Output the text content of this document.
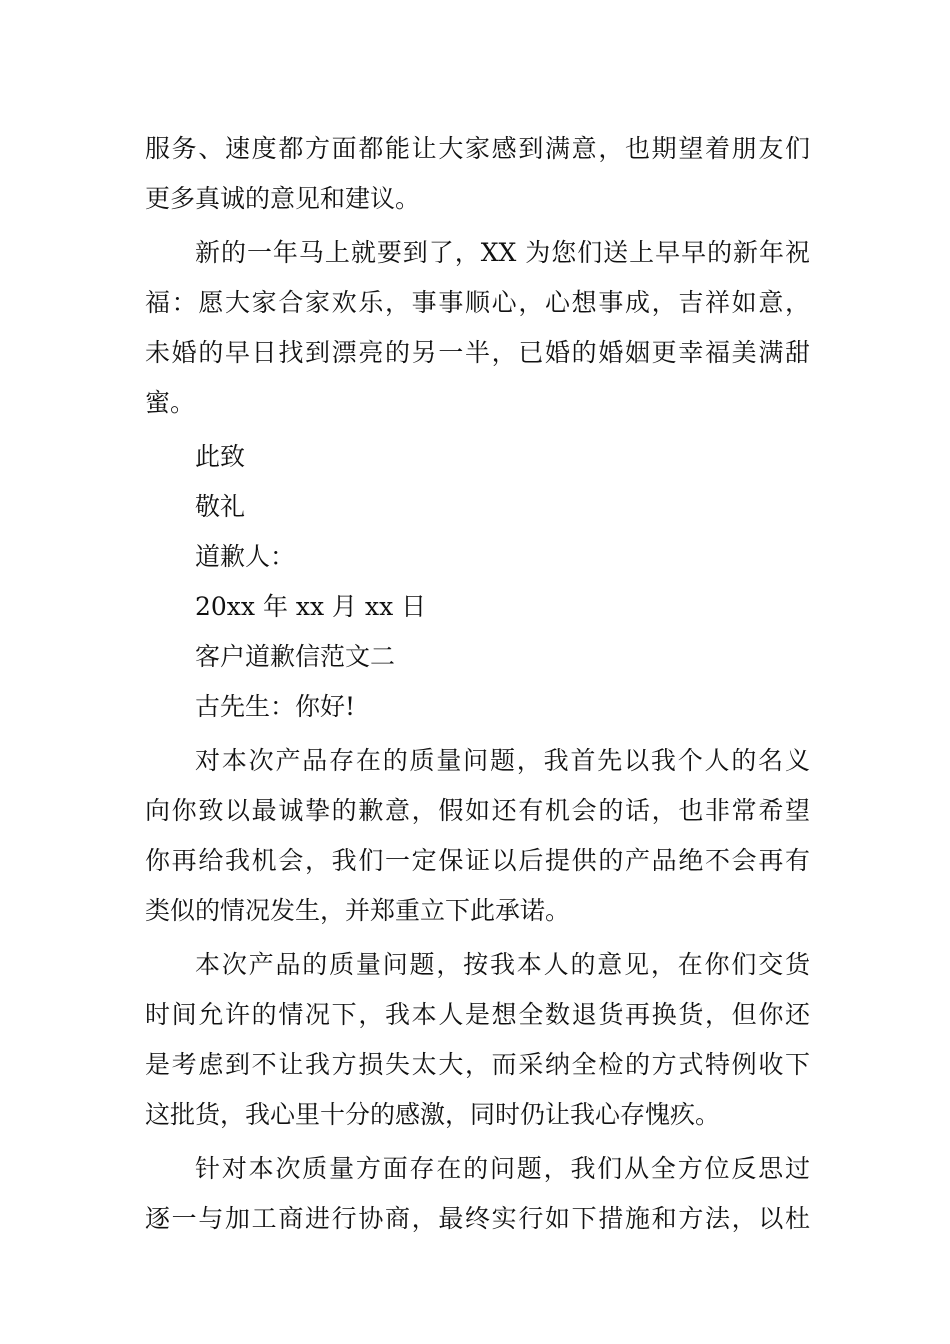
服务、速度都方面都能让大家感到满意，也期望着朋友们
更多真诚的意见和建议。
新的一年马上就要到了，XX 为您们送上早早的新年祝
福：愿大家合家欢乐，事事顺心，心想事成，吉祥如意，
未婚的早日找到漂亮的另一半，已婚的婚姻更幸福美满甜
蜜。
此致
敬礼
道歉人：
20xx 年 xx 月 xx 日
客户道歉信范文二
古先生：你好!
对本次产品存在的质量问题，我首先以我个人的名义
向你致以最诚挚的歉意，假如还有机会的话，也非常希望
你再给我机会，我们一定保证以后提供的产品绝不会再有
类似的情况发生，并郑重立下此承诺。
本次产品的质量问题，按我本人的意见，在你们交货
时间允许的情况下，我本人是想全数退货再换货，但你还
是考虑到不让我方损失太大，而采纳全检的方式特例收下
这批货，我心里十分的感激，同时仍让我心存愧疚。
针对本次质量方面存在的问题，我们从全方位反思过
逐一与加工商进行协商，最终实行如下措施和方法，以杜
